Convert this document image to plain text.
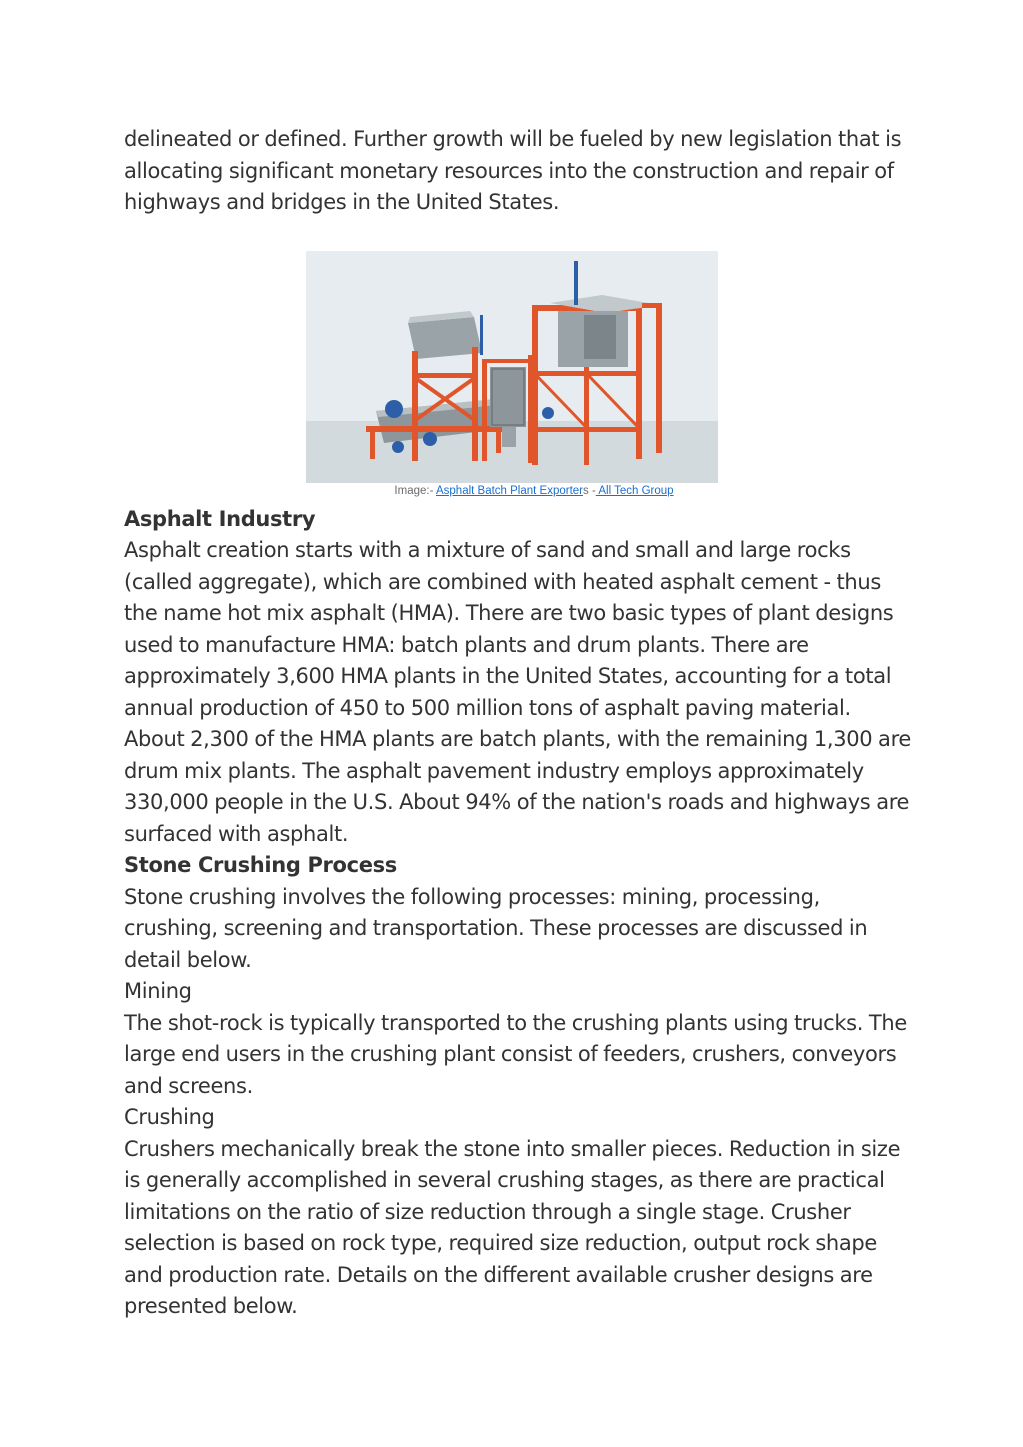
delineated or defined. Further growth will be fueled by new legislation that is allocating significant monetary resources into the construction and repair of highways and bridges in the United States.

Image:- Asphalt Batch Plant Exporters - All Tech Group

Asphalt Industry

Asphalt creation starts with a mixture of sand and small and large rocks (called aggregate), which are combined with heated asphalt cement - thus the name hot mix asphalt (HMA). There are two basic types of plant designs used to manufacture HMA: batch plants and drum plants. There are approximately 3,600 HMA plants in the United States, accounting for a total annual production of 450 to 500 million tons of asphalt paving material. About 2,300 of the HMA plants are batch plants, with the remaining 1,300 are drum mix plants. The asphalt pavement industry employs approximately 330,000 people in the U.S. About 94% of the nation's roads and highways are surfaced with asphalt.

Stone Crushing Process

Stone crushing involves the following processes: mining, processing, crushing, screening and transportation. These processes are discussed in detail below.

Mining

The shot-rock is typically transported to the crushing plants using trucks. The large end users in the crushing plant consist of feeders, crushers, conveyors and screens.

Crushing

Crushers mechanically break the stone into smaller pieces. Reduction in size is generally accomplished in several crushing stages, as there are practical limitations on the ratio of size reduction through a single stage. Crusher selection is based on rock type, required size reduction, output rock shape and production rate. Details on the different available crusher designs are presented below.
